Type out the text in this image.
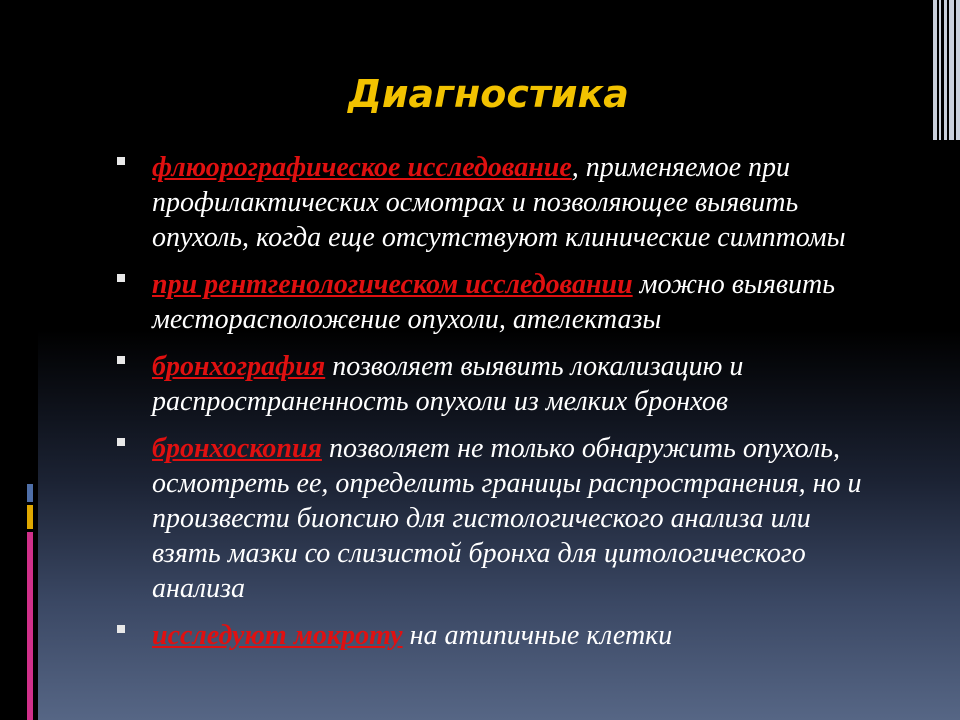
Диагностика
флюорографическое исследование, применяемое при профилактических осмотрах и позволяющее выявить опухоль, когда еще отсутствуют клинические симптомы
при рентгенологическом исследовании можно выявить месторасположение опухоли, ателектазы
бронхография позволяет выявить локализацию и распространенность опухоли из мелких бронхов
бронхоскопия позволяет не только обнаружить опухоль, осмотреть ее, определить границы распространения, но и произвести биопсию для гистологического анализа или взять мазки со слизистой бронха для цитологического анализа
исследуют мокроту на атипичные клетки
